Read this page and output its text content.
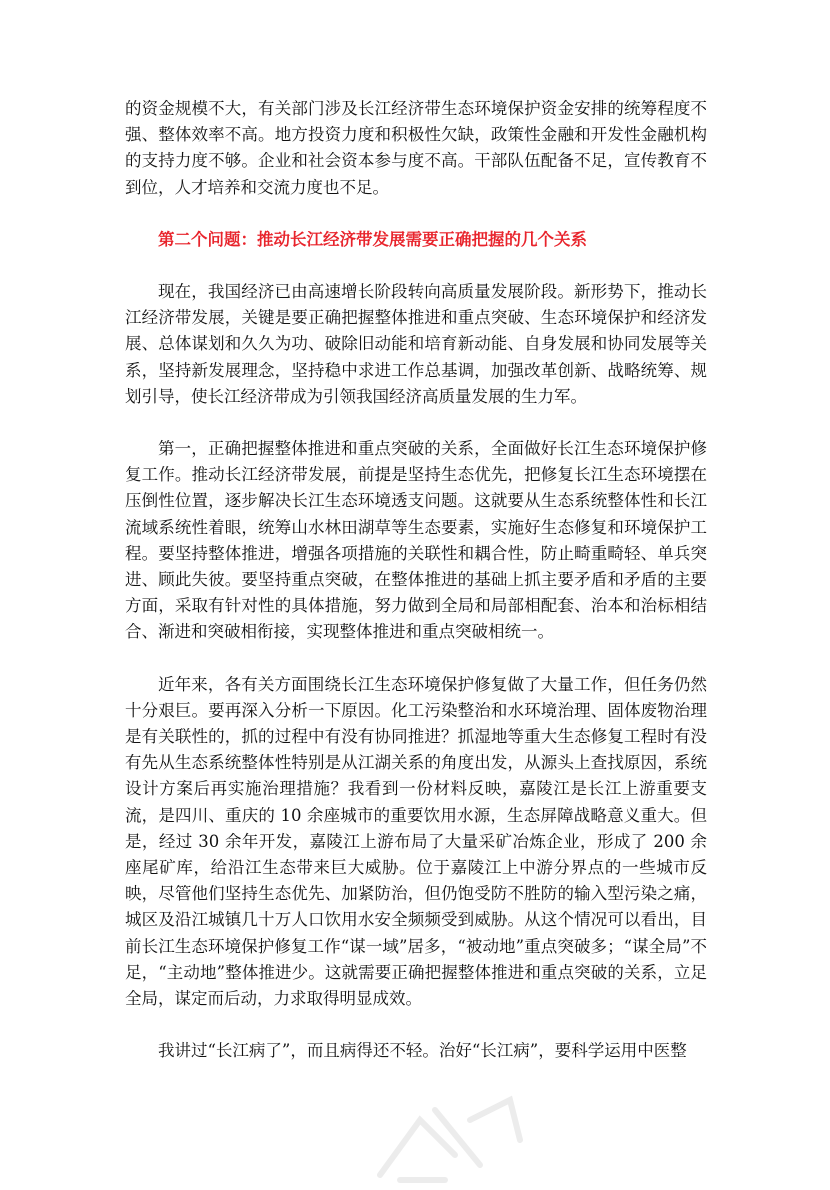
的资金规模不大，有关部门涉及长江经济带生态环境保护资金安排的统筹程度不强、整体效率不高。地方投资力度和积极性欠缺，政策性金融和开发性金融机构的支持力度不够。企业和社会资本参与度不高。干部队伍配备不足，宣传教育不到位，人才培养和交流力度也不足。

第二个问题：推动长江经济带发展需要正确把握的几个关系

现在，我国经济已由高速增长阶段转向高质量发展阶段。新形势下，推动长江经济带发展，关键是要正确把握整体推进和重点突破、生态环境保护和经济发展、总体谋划和久久为功、破除旧动能和培育新动能、自身发展和协同发展等关系，坚持新发展理念，坚持稳中求进工作总基调，加强改革创新、战略统筹、规划引导，使长江经济带成为引领我国经济高质量发展的生力军。

第一，正确把握整体推进和重点突破的关系，全面做好长江生态环境保护修复工作。推动长江经济带发展，前提是坚持生态优先，把修复长江生态环境摆在压倒性位置，逐步解决长江生态环境透支问题。这就要从生态系统整体性和长江流域系统性着眼，统筹山水林田湖草等生态要素，实施好生态修复和环境保护工程。要坚持整体推进，增强各项措施的关联性和耦合性，防止畸重畸轻、单兵突进、顾此失彼。要坚持重点突破，在整体推进的基础上抓主要矛盾和矛盾的主要方面，采取有针对性的具体措施，努力做到全局和局部相配套、治本和治标相结合、渐进和突破相衔接，实现整体推进和重点突破相统一。

近年来，各有关方面围绕长江生态环境保护修复做了大量工作，但任务仍然十分艰巨。要再深入分析一下原因。化工污染整治和水环境治理、固体废物治理是有关联性的，抓的过程中有没有协同推进？抓湿地等重大生态修复工程时有没有先从生态系统整体性特别是从江湖关系的角度出发，从源头上查找原因，系统设计方案后再实施治理措施？我看到一份材料反映，嘉陵江是长江上游重要支流，是四川、重庆的 10 余座城市的重要饮用水源，生态屏障战略意义重大。但是，经过 30 余年开发，嘉陵江上游布局了大量采矿冶炼企业，形成了 200 余座尾矿库，给沿江生态带来巨大威胁。位于嘉陵江上中游分界点的一些城市反映，尽管他们坚持生态优先、加紧防治，但仍饱受防不胜防的输入型污染之痛，城区及沿江城镇几十万人口饮用水安全频频受到威胁。从这个情况可以看出，目前长江生态环境保护修复工作“谋一域”居多，“被动地”重点突破多；“谋全局”不足，“主动地”整体推进少。这就需要正确把握整体推进和重点突破的关系，立足全局，谋定而后动，力求取得明显成效。

我讲过“长江病了”，而且病得还不轻。治好“长江病”，要科学运用中医整
